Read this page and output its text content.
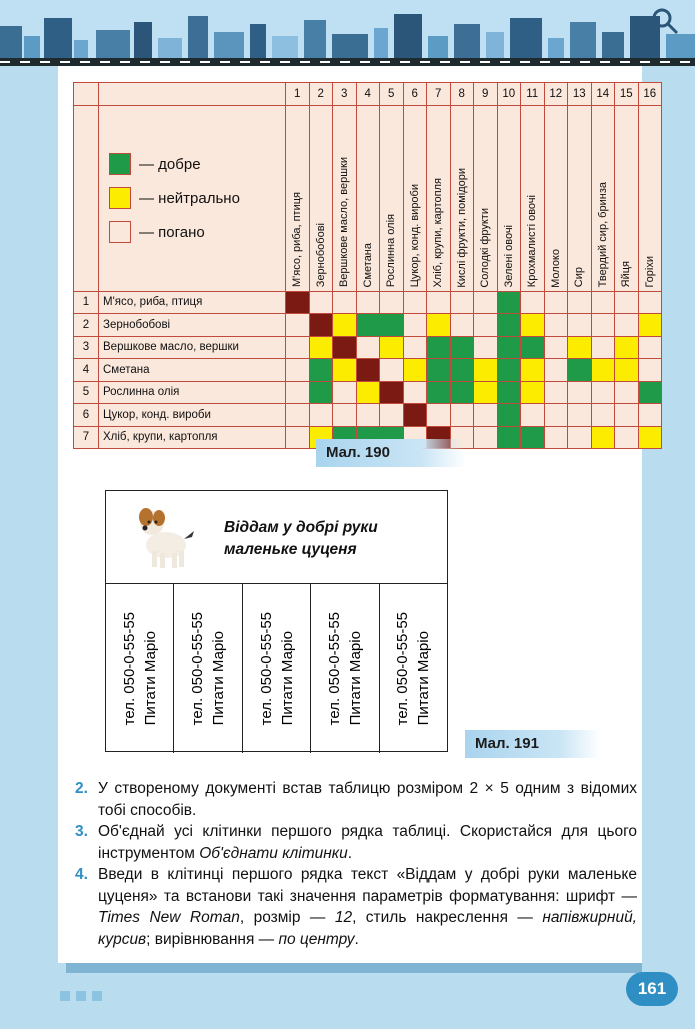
161
		1	2	3	4	5	6	7	8	9	10	11	12	13	14	15	16

	— добре
— нейтрально
— погано	М'ясо, риба, птиця	Зернобобові	Вершкове масло, вершки	Сметана	Рослинна олія	Цукор, конд. вироби	Хліб, крупи, картопля	Кислі фрукти, помідори	Солодкі фрукти	Зелені овочі	Крохмалисті овочі	Молоко	Сир	Твердий сир, бринза	Яйця	Горіхи

1	М'ясо, риба, птиця																
2	Зернобобові																
3	Вершкове масло, вершки																
4	Сметана																
5	Рослинна олія																
6	Цукор, конд. вироби																
7	Хліб, крупи, картопля																
Мал. 190
Віддам у добрі руки
маленьке цуценя
тел. 050-0-55-55 Питати Маріо тел. 050-0-55-55 Питати Маріо тел. 050-0-55-55 Питати Маріо тел. 050-0-55-55 Питати Маріо тел. 050-0-55-55 Питати Маріо
Мал. 191
2. У створеному документі встав таблицю розміром 2 × 5 одним з відомих тобі способів.
3. Об'єднай усі клітинки першого рядка таблиці. Скористайся для цього інструментом Об'єднати клітинки.
4. Введи в клітинці першого рядка текст «Віддам у добрі руки маленьке цуценя» та встанови такі значення параметрів форматування: шрифт — Times New Roman, розмір — 12, стиль накреслення — напівжирний, курсив; вирівнювання — по центру.
